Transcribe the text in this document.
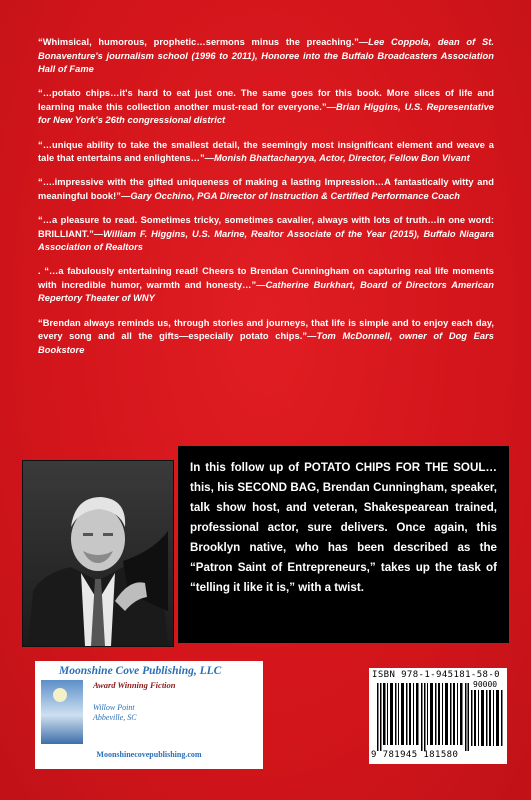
“Whimsical, humorous, prophetic…sermons minus the preaching.”—Lee Coppola, dean of St. Bonaventure's journalism school (1996 to 2011), Honoree into the Buffalo Broadcasters Association Hall of Fame

“…potato chips…it's hard to eat just one. The same goes for this book. More slices of life and learning make this collection another must-read for everyone.”—Brian Higgins, U.S. Representative for New York's 26th congressional district

“…unique ability to take the smallest detail, the seemingly most insignificant element and weave a tale that entertains and enlightens…”—Monish Bhattacharyya, Actor, Director, Fellow Bon Vivant

“….impressive with the gifted uniqueness of making a lasting Impression…A fantastically witty and meaningful book!”—Gary Occhino, PGA Director of Instruction & Certified Performance Coach

“…a pleasure to read. Sometimes tricky, sometimes cavalier, always with lots of truth…in one word: BRILLIANT.”—William F. Higgins, U.S. Marine, Realtor Associate of the Year (2015), Buffalo Niagara Association of Realtors

. “…a fabulously entertaining read! Cheers to Brendan Cunningham on capturing real life moments with incredible humor, warmth and honesty…”—Catherine Burkhart, Board of Directors American Repertory Theater of WNY

“Brendan always reminds us, through stories and journeys, that life is simple and to enjoy each day, every song and all the gifts—especially potato chips.”—Tom McDonnell, owner of Dog Ears Bookstore

In this follow up of POTATO CHIPS FOR THE SOUL… this, his SECOND BAG, Brendan Cunningham, speaker, talk show host, and veteran, Shakespearean trained, professional actor, sure delivers. Once again, this Brooklyn native, who has been described as the “Patron Saint of Entrepreneurs,” takes up the task of “telling it like it is,” with a twist.

Moonshine Cove Publishing, LLC
Award Winning Fiction
Willow Point
Abbeville, SC
Moonshinecovepublishing.com
ISBN 978-1-945181-58-0
90000
9 781945 181580
